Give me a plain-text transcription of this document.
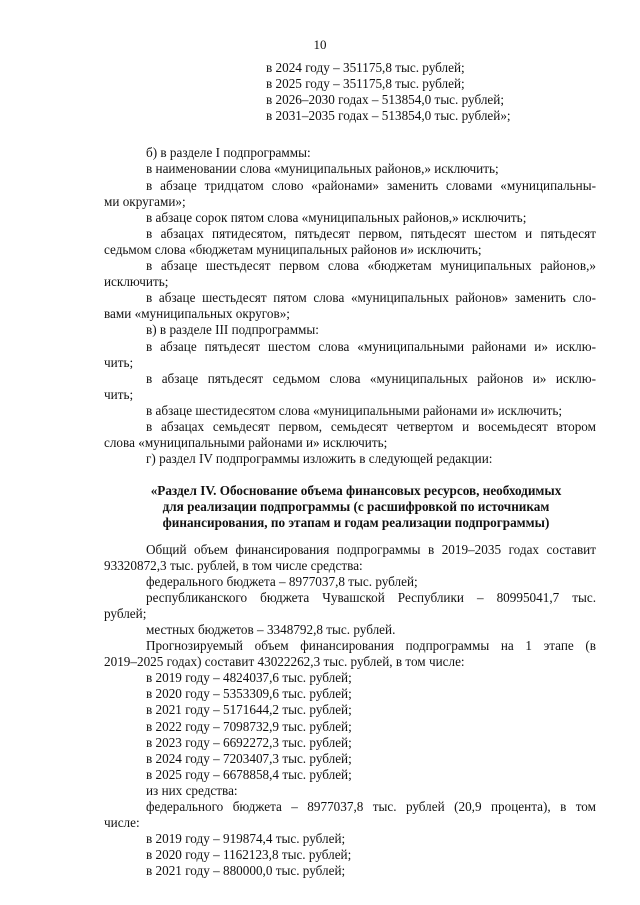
10
в 2024 году – 351175,8 тыс. рублей;
в 2025 году – 351175,8 тыс. рублей;
в 2026–2030 годах – 513854,0 тыс. рублей;
в 2031–2035 годах – 513854,0 тыс. рублей»;
б) в разделе I подпрограммы:
в наименовании слова «муниципальных районов,» исключить;
в абзаце тридцатом слово «районами» заменить словами «муниципальны-
ми округами»;
в абзаце сорок пятом слова «муниципальных районов,» исключить;
в абзацах пятидесятом, пятьдесят первом, пятьдесят шестом и пятьдесят
седьмом слова «бюджетам муниципальных районов и» исключить;
в абзаце шестьдесят первом слова «бюджетам муниципальных районов,»
исключить;
в абзаце шестьдесят пятом слова «муниципальных районов» заменить сло-
вами «муниципальных округов»;
в) в разделе III подпрограммы:
в абзаце пятьдесят шестом слова «муниципальными районами и» исклю-
чить;
в абзаце пятьдесят седьмом слова «муниципальных районов и» исклю-
чить;
в абзаце шестидесятом слова «муниципальными районами и» исключить;
в абзацах семьдесят первом, семьдесят четвертом и восемьдесят втором
слова «муниципальными районами и» исключить;
г) раздел IV подпрограммы изложить в следующей редакции:
«Раздел IV. Обоснование объема финансовых ресурсов, необходимых
для реализации подпрограммы (с расшифровкой по источникам
финансирования, по этапам и годам реализации подпрограммы)
Общий объем финансирования подпрограммы в 2019–2035 годах составит
93320872,3 тыс. рублей, в том числе средства:
федерального бюджета – 8977037,8 тыс. рублей;
республиканского бюджета Чувашской Республики – 80995041,7 тыс.
рублей;
местных бюджетов – 3348792,8 тыс. рублей.
Прогнозируемый объем финансирования подпрограммы на 1 этапе (в
2019–2025 годах) составит 43022262,3 тыс. рублей, в том числе:
в 2019 году – 4824037,6 тыс. рублей;
в 2020 году – 5353309,6 тыс. рублей;
в 2021 году – 5171644,2 тыс. рублей;
в 2022 году – 7098732,9 тыс. рублей;
в 2023 году – 6692272,3 тыс. рублей;
в 2024 году – 7203407,3 тыс. рублей;
в 2025 году – 6678858,4 тыс. рублей;
из них средства:
федерального бюджета – 8977037,8 тыс. рублей (20,9 процента), в том
числе:
в 2019 году – 919874,4 тыс. рублей;
в 2020 году – 1162123,8 тыс. рублей;
в 2021 году – 880000,0 тыс. рублей;
